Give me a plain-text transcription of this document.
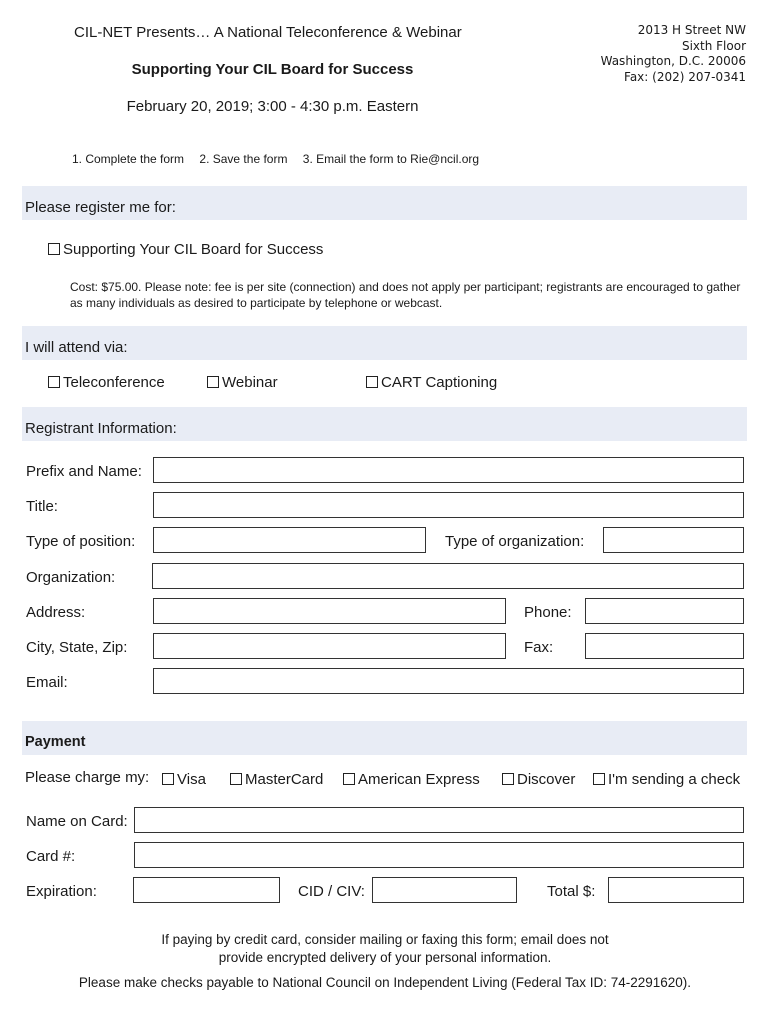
CIL-NET Presents… A National Teleconference & Webinar
Supporting Your CIL Board for Success
February 20, 2019; 3:00 - 4:30 p.m. Eastern
2013 H Street NW
Sixth Floor
Washington, D.C. 20006
Fax: (202) 207-0341
1. Complete the form 2. Save the form 3. Email the form to Rie@ncil.org
Please register me for:
Supporting Your CIL Board for Success
Cost: $75.00. Please note: fee is per site (connection) and does not apply per participant; registrants are encouraged to gather as many individuals as desired to participate by telephone or webcast.
I will attend via:
Teleconference	Webinar	CART Captioning
Registrant Information:
Prefix and Name:
Title:
Type of position:	Type of organization:
Organization:
Address:	Phone:
City, State, Zip:	Fax:
Email:
Payment
Please charge my:	Visa	MasterCard	American Express	Discover	I'm sending a check
Name on Card:
Card #:
Expiration:	CID / CIV:	Total $:
If paying by credit card, consider mailing or faxing this form; email does not
provide encrypted delivery of your personal information.
Please make checks payable to National Council on Independent Living (Federal Tax ID: 74-2291620).
